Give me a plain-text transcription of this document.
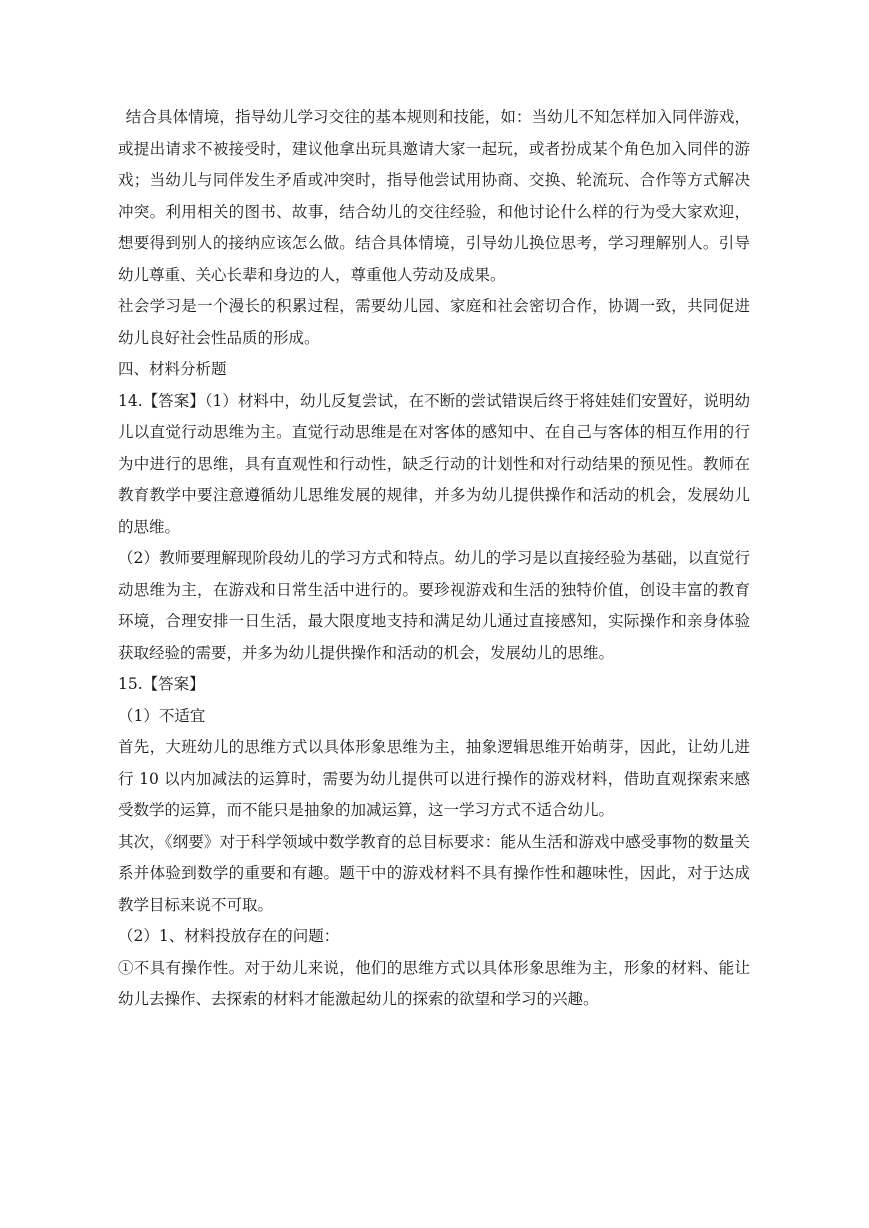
结合具体情境，指导幼儿学习交往的基本规则和技能，如：当幼儿不知怎样加入同伴游戏，或提出请求不被接受时，建议他拿出玩具邀请大家一起玩，或者扮成某个角色加入同伴的游戏；当幼儿与同伴发生矛盾或冲突时，指导他尝试用协商、交换、轮流玩、合作等方式解决冲突。利用相关的图书、故事，结合幼儿的交往经验，和他讨论什么样的行为受大家欢迎，想要得到别人的接纳应该怎么做。结合具体情境，引导幼儿换位思考，学习理解别人。引导幼儿尊重、关心长辈和身边的人，尊重他人劳动及成果。

社会学习是一个漫长的积累过程，需要幼儿园、家庭和社会密切合作，协调一致，共同促进幼儿良好社会性品质的形成。

四、材料分析题

14.【答案】（1）材料中，幼儿反复尝试，在不断的尝试错误后终于将娃娃们安置好，说明幼儿以直觉行动思维为主。直觉行动思维是在对客体的感知中、在自己与客体的相互作用的行为中进行的思维，具有直观性和行动性，缺乏行动的计划性和对行动结果的预见性。教师在教育教学中要注意遵循幼儿思维发展的规律，并多为幼儿提供操作和活动的机会，发展幼儿的思维。

（2）教师要理解现阶段幼儿的学习方式和特点。幼儿的学习是以直接经验为基础，以直觉行动思维为主，在游戏和日常生活中进行的。要珍视游戏和生活的独特价值，创设丰富的教育环境，合理安排一日生活，最大限度地支持和满足幼儿通过直接感知，实际操作和亲身体验获取经验的需要，并多为幼儿提供操作和活动的机会，发展幼儿的思维。

15.【答案】

（1）不适宜

首先，大班幼儿的思维方式以具体形象思维为主，抽象逻辑思维开始萌芽，因此，让幼儿进行 10 以内加减法的运算时，需要为幼儿提供可以进行操作的游戏材料，借助直观探索来感受数学的运算，而不能只是抽象的加减运算，这一学习方式不适合幼儿。

其次，《纲要》对于科学领域中数学教育的总目标要求：能从生活和游戏中感受事物的数量关系并体验到数学的重要和有趣。题干中的游戏材料不具有操作性和趣味性，因此，对于达成教学目标来说不可取。

（2）1、材料投放存在的问题：

①不具有操作性。对于幼儿来说，他们的思维方式以具体形象思维为主，形象的材料、能让幼儿去操作、去探索的材料才能激起幼儿的探索的欲望和学习的兴趣。
